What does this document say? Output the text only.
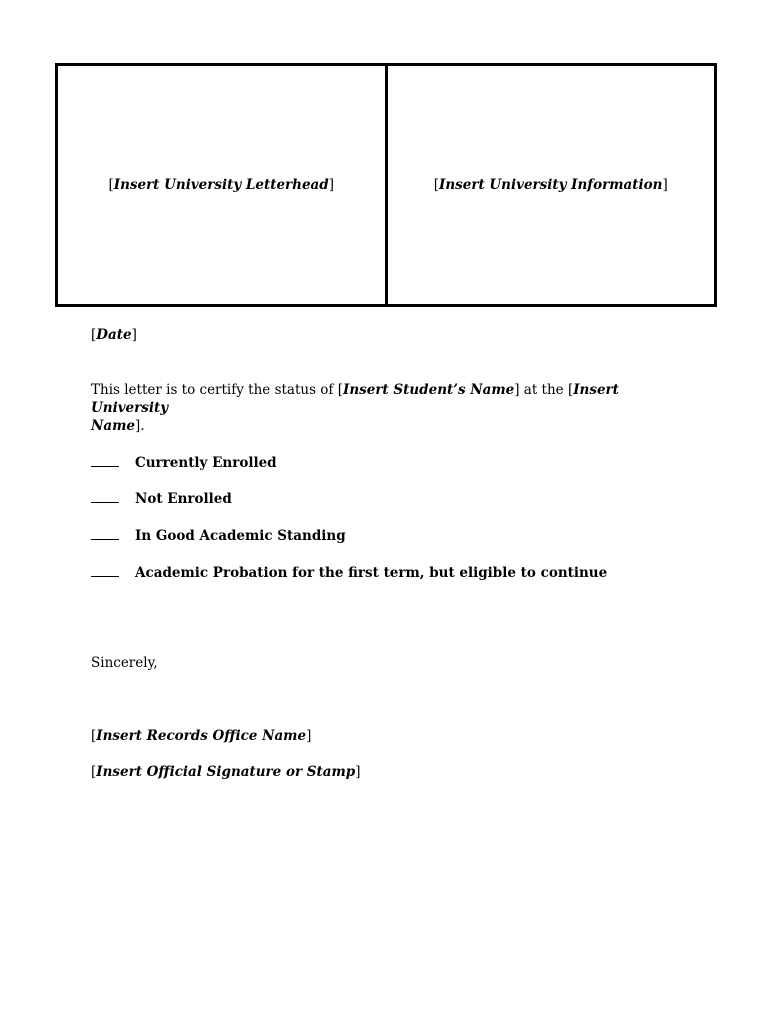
[ Insert University Letterhead ]	[ Insert University Information ]
[Date]
This letter is to certify the status of [Insert Student’s Name] at the [Insert University
Name].
Currently Enrolled
Not Enrolled
In Good Academic Standing
Academic Probation for the first term, but eligible to continue
Sincerely,
[Insert Records Office Name]
[Insert Official Signature or Stamp]
